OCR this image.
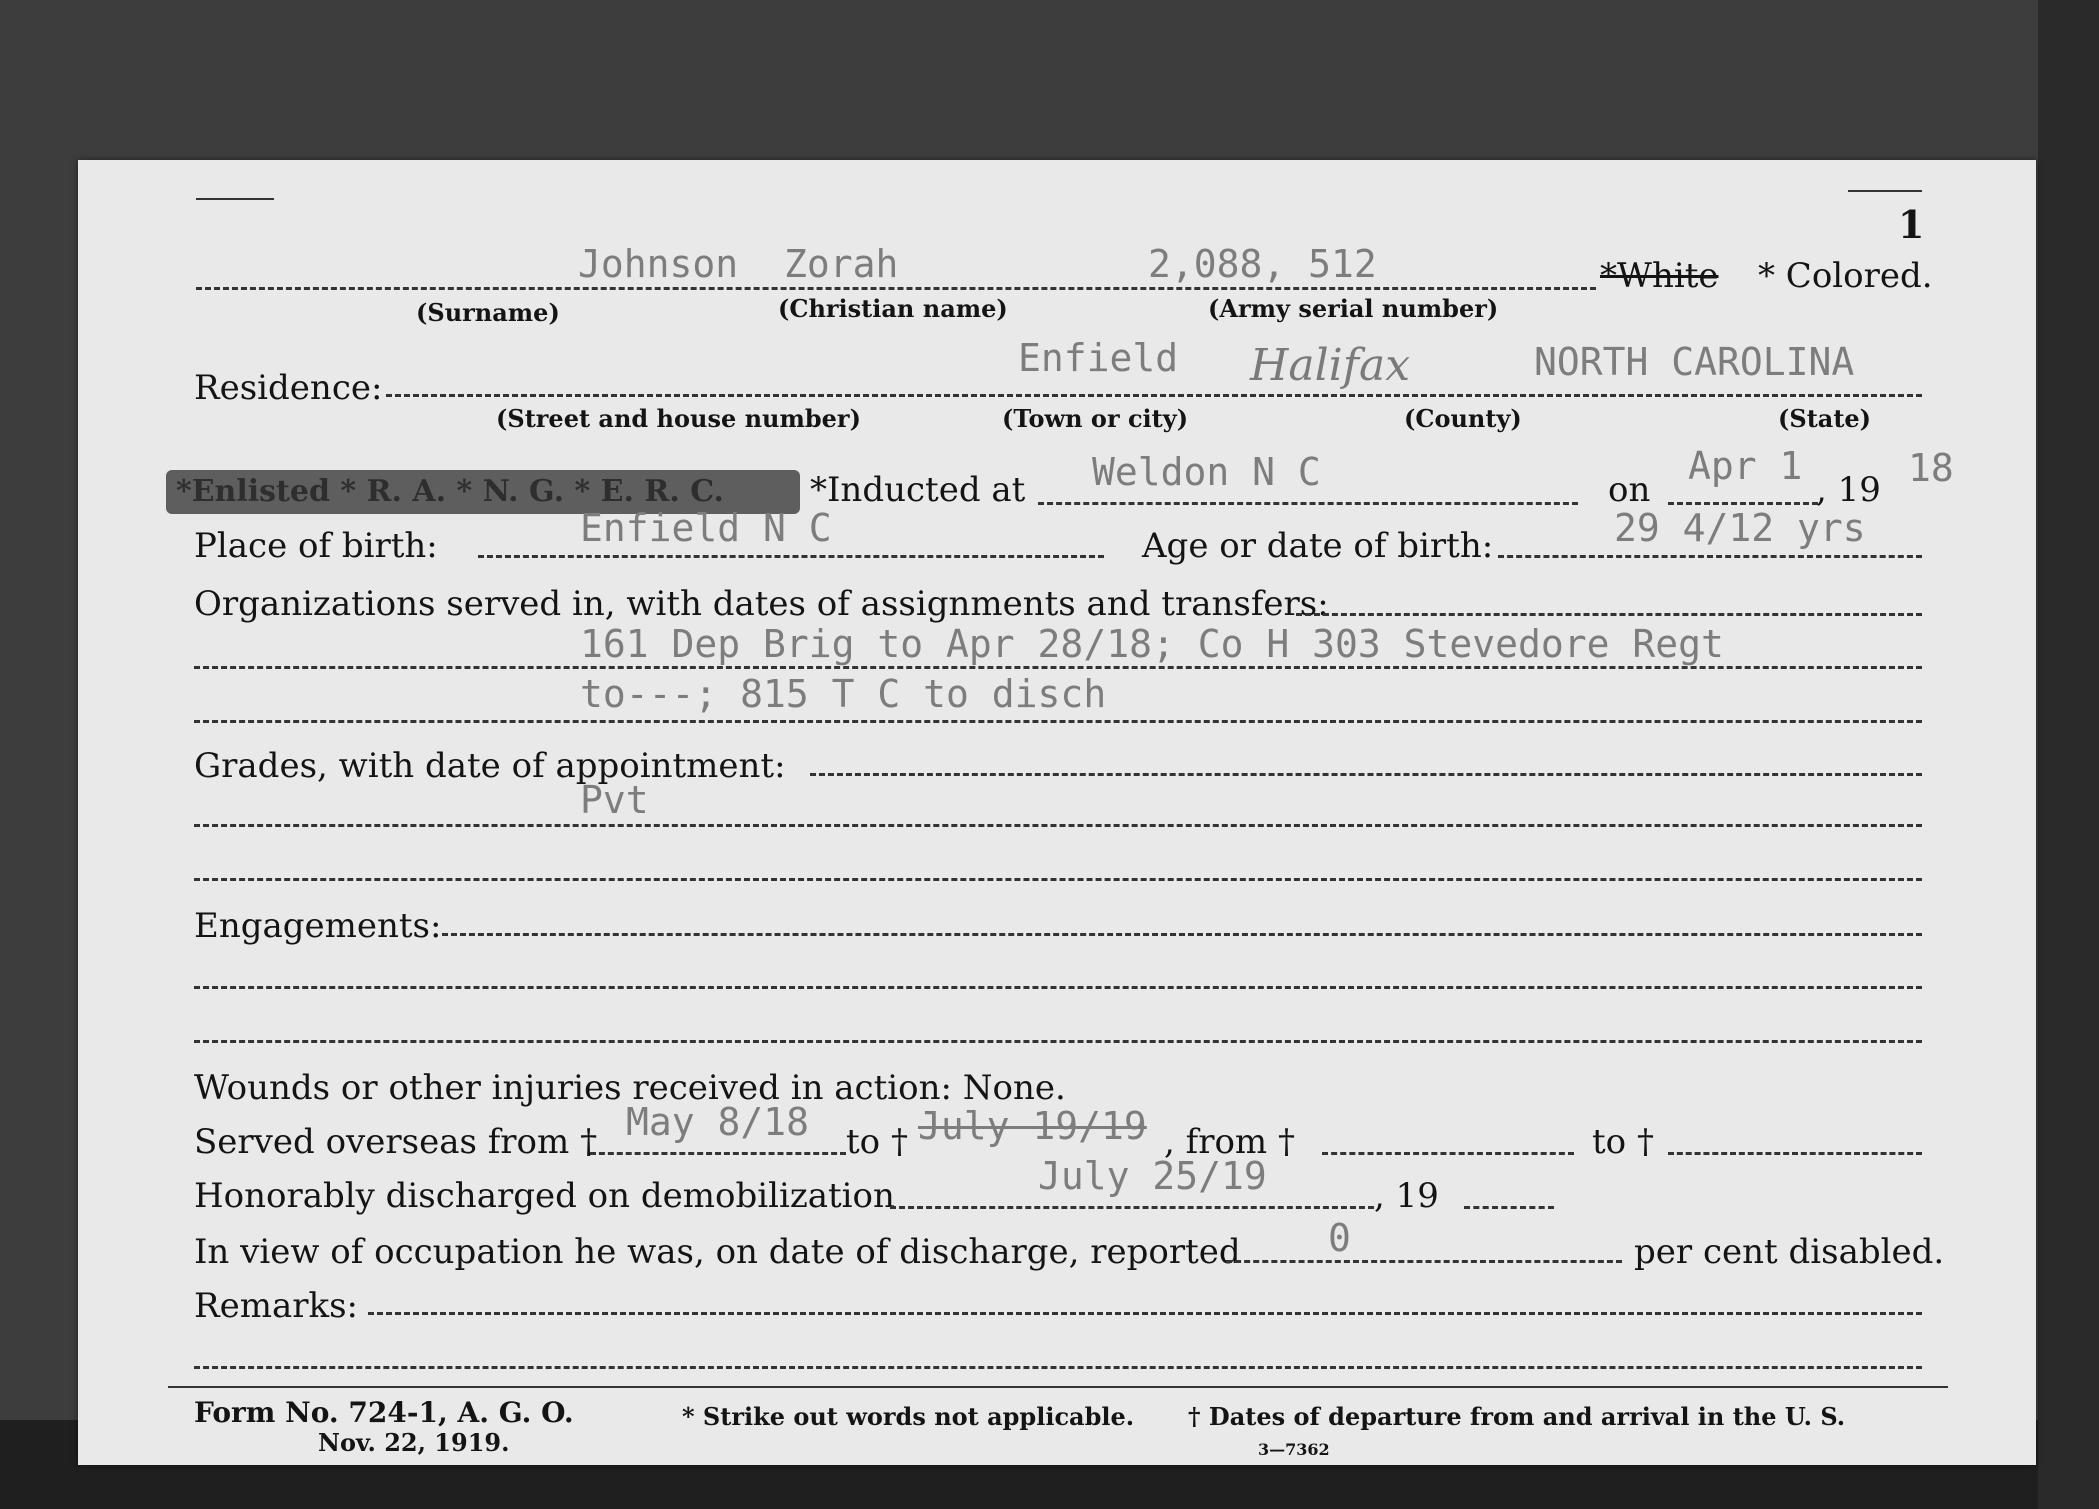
1
Johnson Zorah	2,088, 512	*White * Colored.
(Surname)	(Christian name)	(Army serial number)
Residence:
Enfield Halifax	NORTH CAROLINA
(Street and house number)	(Town or city)	(County)	(State)
*Enlisted * R. A. * N. G. * E. R. C.	*Inducted at Weldon N C	on
Apr 1
, 19 18
Place of birth:	Enfield N C	Age or date of birth:	29 4/12 yrs
Organizations served in, with dates of assignments and transfers:
161 Dep Brig to Apr 28/18; Co H 303 Stevedore Regt
to---; 815 T C to disch
Grades, with date of appointment:
Pvt
Engagements:
Wounds or other injuries received in action: None.
Served overseas from † May 8/18 to † July 19/19 , from †	to †
Honorably discharged on demobilization	July 25/19	, 19
In view of occupation he was, on date of discharge, reported 0	per cent disabled.
Remarks:
Form No. 724-1, A. G. O.
Nov. 22, 1919.
* Strike out words not applicable. † Dates of departure from and arrival in the U. S.
3—7362
